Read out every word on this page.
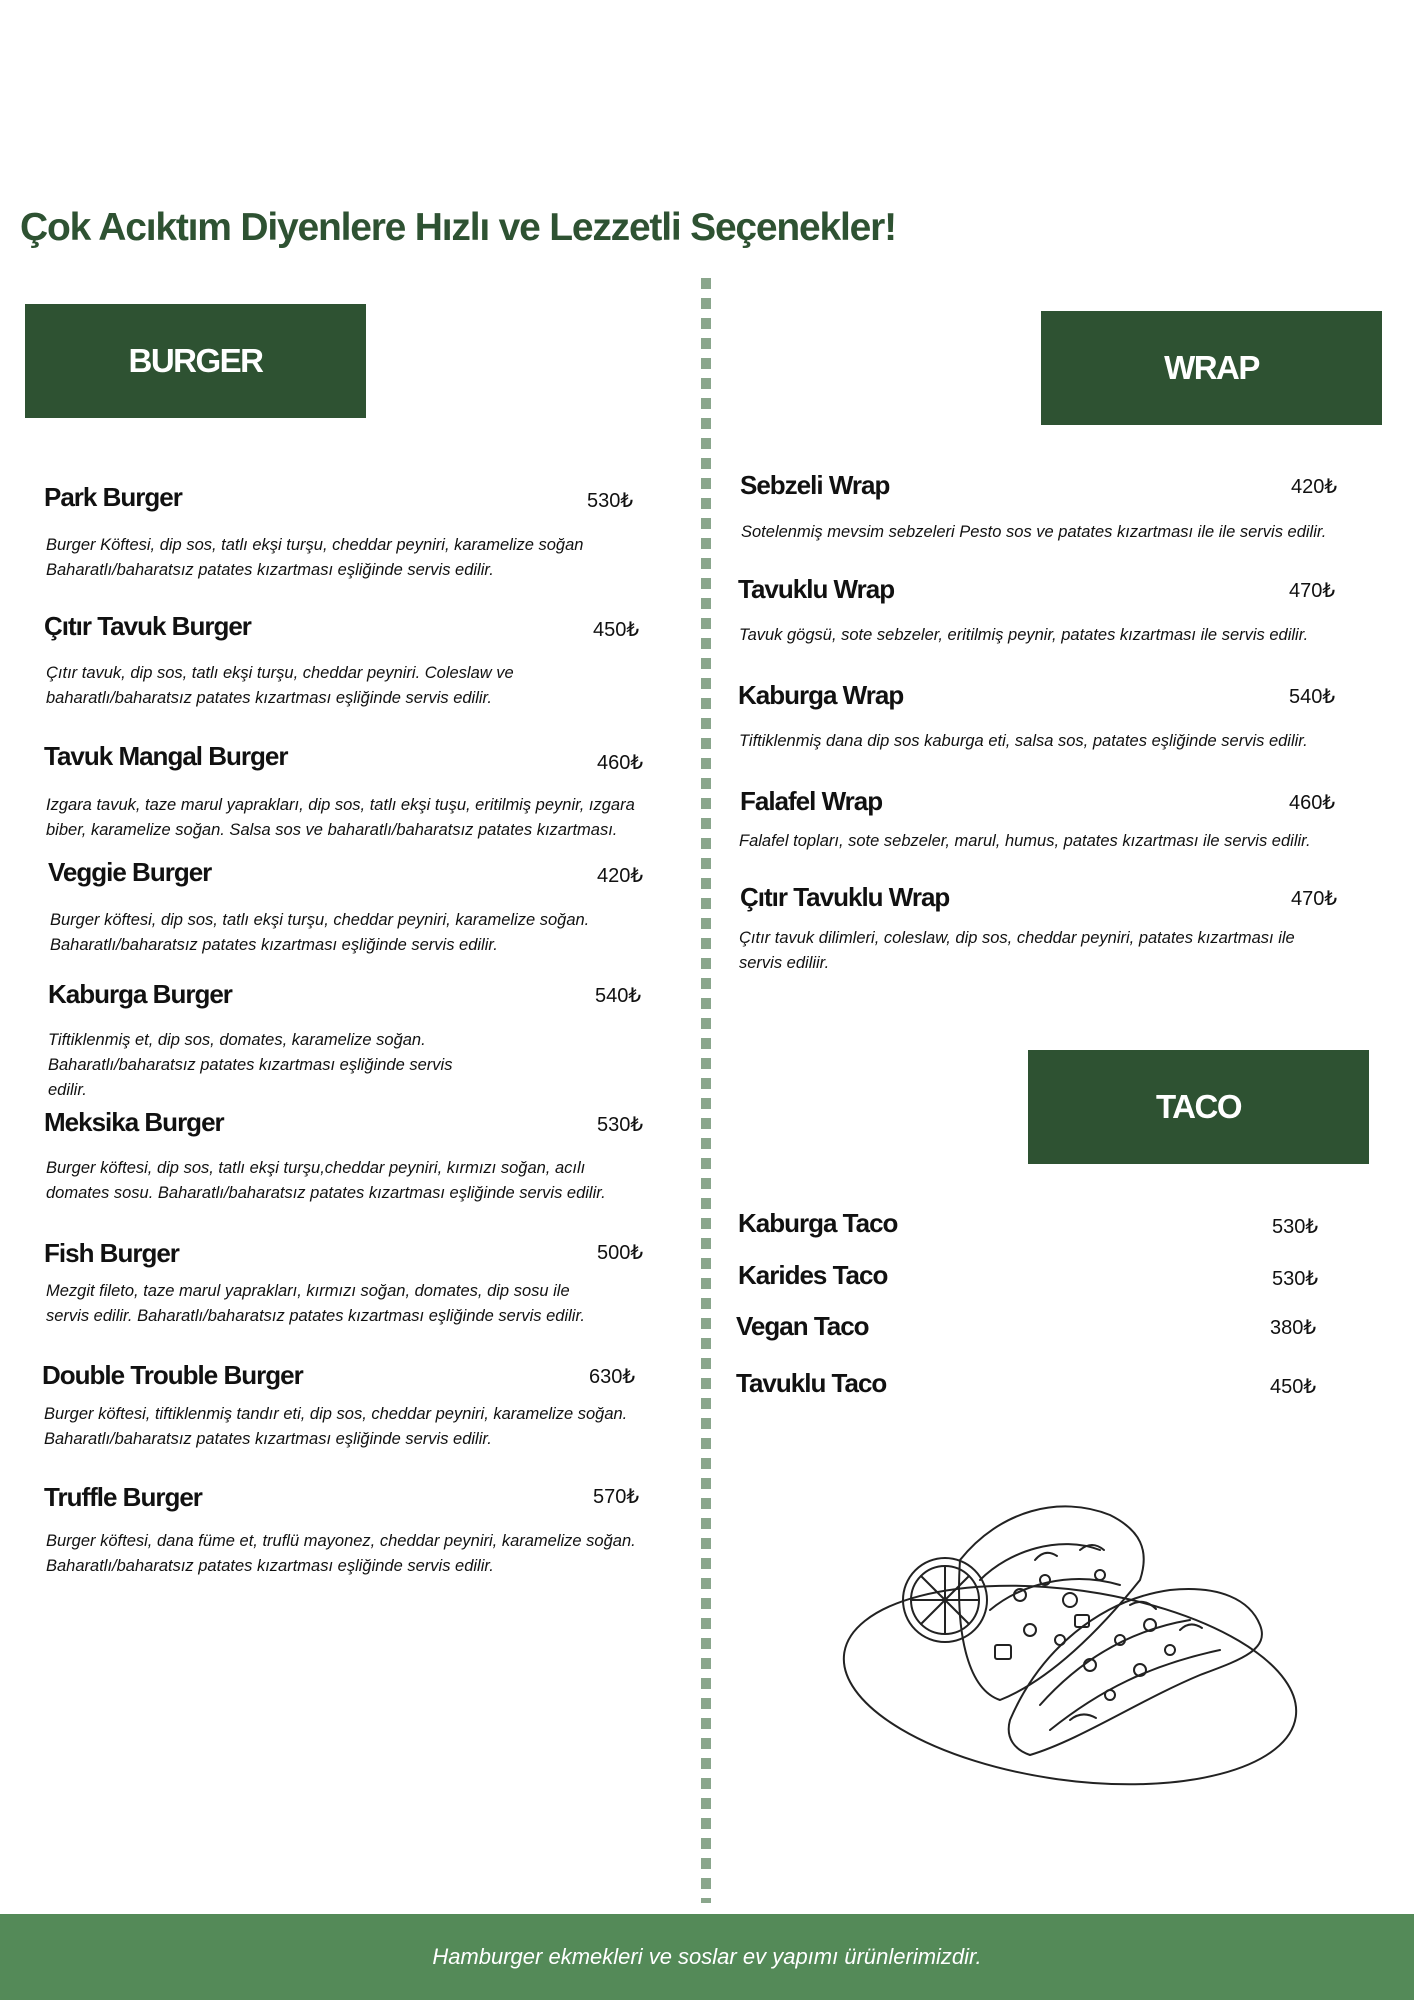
Çok Acıktım Diyenlere Hızlı ve Lezzetli Seçenekler!
BURGER
Park Burger	530₺

Burger Köftesi, dip sos, tatlı ekşi turşu, cheddar peyniri, karamelize soğan Baharatlı/baharatsız patates kızartması eşliğinde servis edilir.

Çıtır Tavuk Burger	450₺

Çıtır tavuk, dip sos, tatlı ekşi turşu, cheddar peyniri. Coleslaw ve baharatlı/baharatsız patates kızartması eşliğinde servis edilir.

Tavuk Mangal Burger	460₺

Izgara tavuk, taze marul yaprakları, dip sos, tatlı ekşi tuşu, eritilmiş peynir, ızgara biber, karamelize soğan. Salsa sos ve baharatlı/baharatsız patates kızartması.

Veggie Burger	420₺

Burger köftesi, dip sos, tatlı ekşi turşu, cheddar peyniri, karamelize soğan. Baharatlı/baharatsız patates kızartması eşliğinde servis edilir.

Kaburga Burger	540₺

Tiftiklenmiş et, dip sos, domates, karamelize soğan. Baharatlı/baharatsız patates kızartması eşliğinde servis edilir.

Meksika Burger	530₺

Burger köftesi, dip sos, tatlı ekşi turşu,cheddar peyniri, kırmızı soğan, acılı domates sosu. Baharatlı/baharatsız patates kızartması eşliğinde servis edilir.

Fish Burger	500₺

Mezgit fileto, taze marul yaprakları, kırmızı soğan, domates, dip sosu ile servis edilir. Baharatlı/baharatsız patates kızartması eşliğinde servis edilir.

Double Trouble Burger	630₺

Burger köftesi, tiftiklenmiş tandır eti, dip sos, cheddar peyniri, karamelize soğan. Baharatlı/baharatsız patates kızartması eşliğinde servis edilir.

Truffle Burger	570₺

Burger köftesi, dana füme et, truflü mayonez, cheddar peyniri, karamelize soğan. Baharatlı/baharatsız patates kızartması eşliğinde servis edilir.

WRAP
Sebzeli Wrap	420₺

Sotelenmiş mevsim sebzeleri Pesto sos ve patates kızartması ile ile servis edilir.

Tavuklu Wrap	470₺

Tavuk gögsü, sote sebzeler, eritilmiş peynir, patates kızartması ile servis edilir.

Kaburga Wrap	540₺

Tiftiklenmiş dana dip sos kaburga eti, salsa sos, patates eşliğinde servis edilir.

Falafel Wrap	460₺

Falafel topları, sote sebzeler, marul, humus, patates kızartması ile servis edilir.

Çıtır Tavuklu Wrap	470₺

Çıtır tavuk dilimleri, coleslaw, dip sos, cheddar peyniri, patates kızartması ile servis ediliir.

TACO
Kaburga Taco	530₺
Karides Taco	530₺
Vegan Taco	380₺
Tavuklu Taco	450₺
Hamburger ekmekleri ve soslar ev yapımı ürünlerimizdir.
